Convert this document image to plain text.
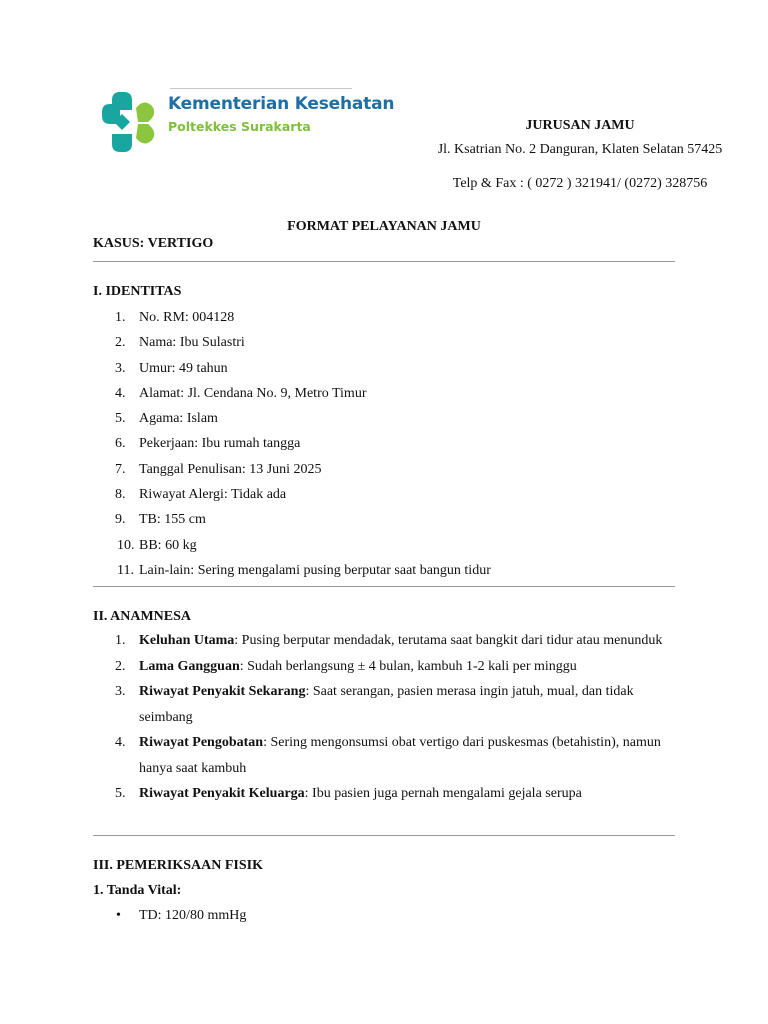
Kementerian Kesehatan
Poltekkes Surakarta	JURUSAN JAMU
Jl. Ksatrian No. 2 Danguran, Klaten Selatan 57425
Telp & Fax : ( 0272 ) 321941/ (0272) 328756
FORMAT PELAYANAN JAMU
KASUS: VERTIGO
I. IDENTITAS
1. No. RM: 004128
2. Nama: Ibu Sulastri
3. Umur: 49 tahun
4. Alamat: Jl. Cendana No. 9, Metro Timur
5. Agama: Islam
6. Pekerjaan: Ibu rumah tangga
7. Tanggal Penulisan: 13 Juni 2025
8. Riwayat Alergi: Tidak ada
9. TB: 155 cm
10. BB: 60 kg
11. Lain-lain: Sering mengalami pusing berputar saat bangun tidur
II. ANAMNESA
1. Keluhan Utama: Pusing berputar mendadak, terutama saat bangkit dari tidur atau menunduk
2. Lama Gangguan: Sudah berlangsung ± 4 bulan, kambuh 1-2 kali per minggu
3. Riwayat Penyakit Sekarang: Saat serangan, pasien merasa ingin jatuh, mual, dan tidak seimbang
4. Riwayat Pengobatan: Sering mengonsumsi obat vertigo dari puskesmas (betahistin), namun hanya saat kambuh
5. Riwayat Penyakit Keluarga: Ibu pasien juga pernah mengalami gejala serupa
III. PEMERIKSAAN FISIK
1. Tanda Vital:
• TD: 120/80 mmHg
